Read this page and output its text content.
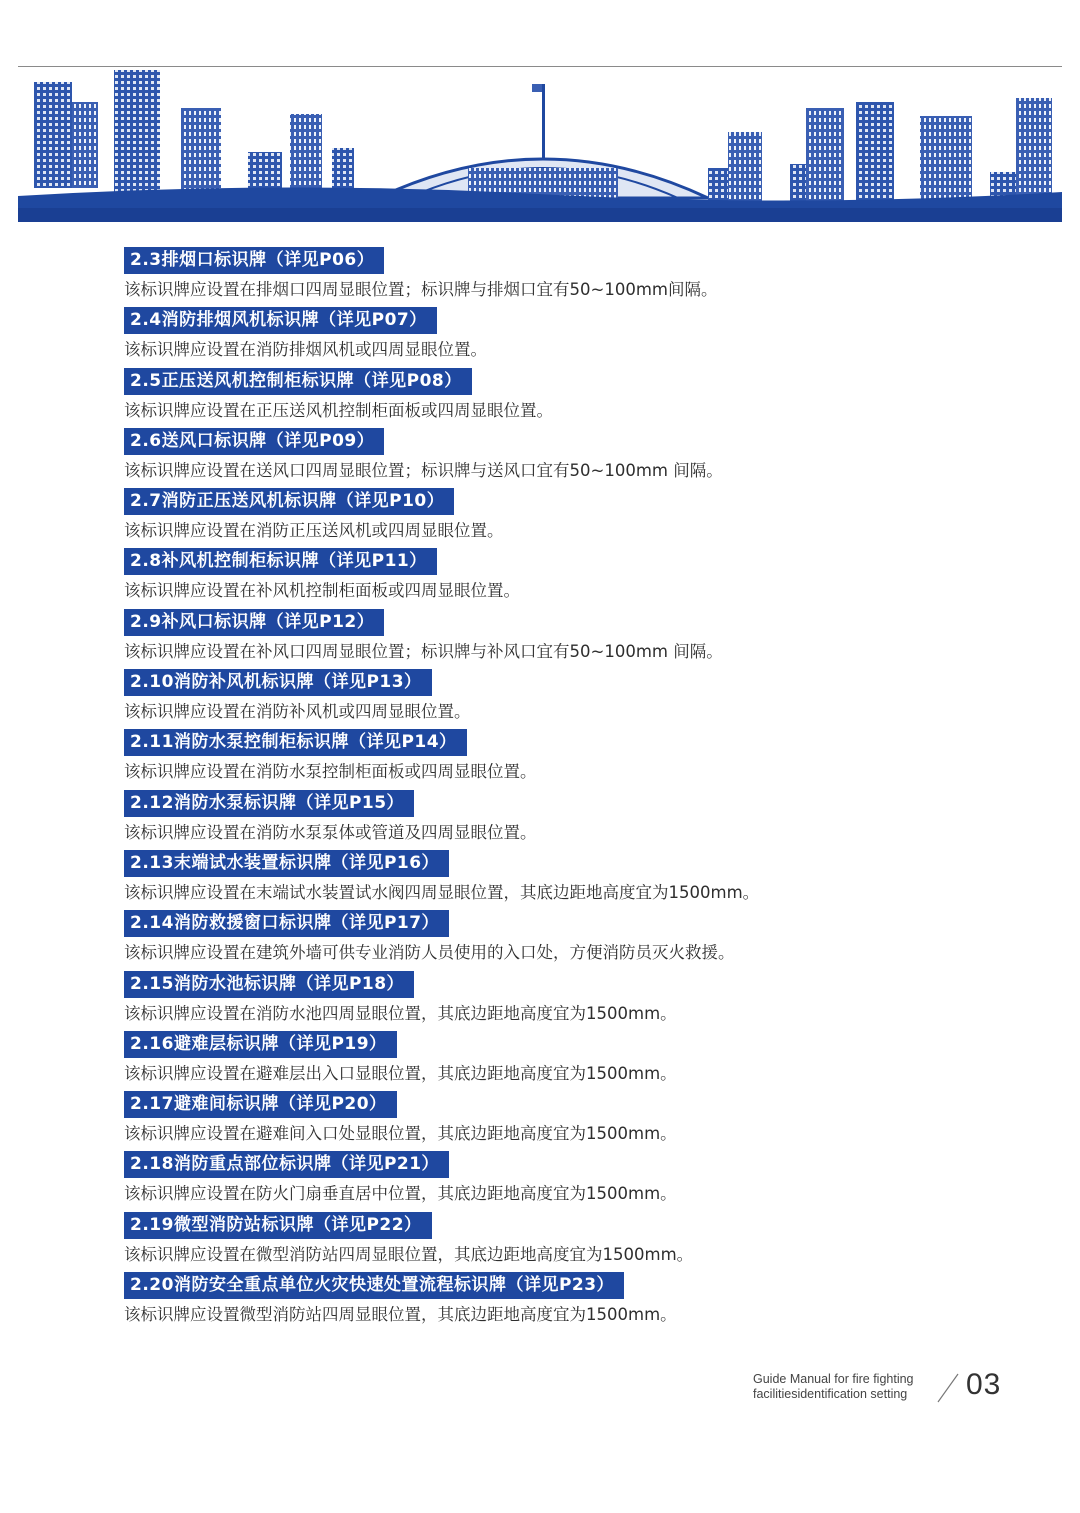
2.3排烟口标识牌（详见P06）
该标识牌应设置在排烟口四周显眼位置；标识牌与排烟口宜有50~100mm间隔。
2.4消防排烟风机标识牌（详见P07）
该标识牌应设置在消防排烟风机或四周显眼位置。
2.5正压送风机控制柜标识牌（详见P08）
该标识牌应设置在正压送风机控制柜面板或四周显眼位置。
2.6送风口标识牌（详见P09）
该标识牌应设置在送风口四周显眼位置；标识牌与送风口宜有50~100mm 间隔。
2.7消防正压送风机标识牌（详见P10）
该标识牌应设置在消防正压送风机或四周显眼位置。
2.8补风机控制柜标识牌（详见P11）
该标识牌应设置在补风机控制柜面板或四周显眼位置。
2.9补风口标识牌（详见P12）
该标识牌应设置在补风口四周显眼位置；标识牌与补风口宜有50~100mm 间隔。
2.10消防补风机标识牌（详见P13）
该标识牌应设置在消防补风机或四周显眼位置。
2.11消防水泵控制柜标识牌（详见P14）
该标识牌应设置在消防水泵控制柜面板或四周显眼位置。
2.12消防水泵标识牌（详见P15）
该标识牌应设置在消防水泵泵体或管道及四周显眼位置。
2.13末端试水装置标识牌（详见P16）
该标识牌应设置在末端试水装置试水阀四周显眼位置，其底边距地高度宜为1500mm。
2.14消防救援窗口标识牌（详见P17）
该标识牌应设置在建筑外墙可供专业消防人员使用的入口处，方便消防员灭火救援。
2.15消防水池标识牌（详见P18）
该标识牌应设置在消防水池四周显眼位置，其底边距地高度宜为1500mm。
2.16避难层标识牌（详见P19）
该标识牌应设置在避难层出入口显眼位置，其底边距地高度宜为1500mm。
2.17避难间标识牌（详见P20）
该标识牌应设置在避难间入口处显眼位置，其底边距地高度宜为1500mm。
2.18消防重点部位标识牌（详见P21）
该标识牌应设置在防火门扇垂直居中位置，其底边距地高度宜为1500mm。
2.19微型消防站标识牌（详见P22）
该标识牌应设置在微型消防站四周显眼位置，其底边距地高度宜为1500mm。
2.20消防安全重点单位火灾快速处置流程标识牌（详见P23）
该标识牌应设置微型消防站四周显眼位置，其底边距地高度宜为1500mm。
Guide Manual for fire fighting
facilitiesidentification setting 03
